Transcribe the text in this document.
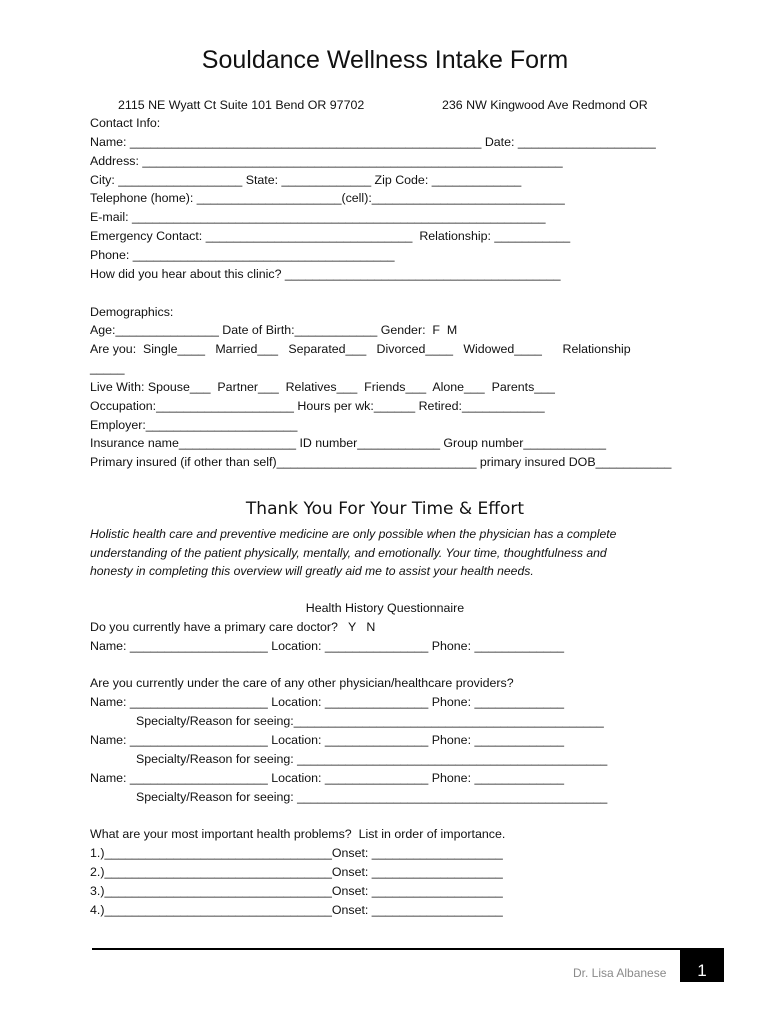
Souldance Wellness Intake Form
2115 NE Wyatt Ct Suite 101 Bend OR 97702	236 NW Kingwood Ave Redmond OR
Contact Info:
Name: ___________________________________________________ Date: ____________________
Address: _____________________________________________________________
City: __________________ State: _____________ Zip Code: _____________
Telephone (home): _____________________(cell):____________________________
E-mail: ____________________________________________________________
Emergency Contact: ______________________________  Relationship: ___________
Phone: ______________________________________
How did you hear about this clinic? ________________________________________
Demographics:
Age:_______________ Date of Birth:____________ Gender:  F  M
Are you:  Single____   Married___   Separated___   Divorced____   Widowed____      Relationship
_____
Live With: Spouse___  Partner___  Relatives___  Friends___  Alone___  Parents___
Occupation:____________________ Hours per wk:______ Retired:____________
Employer:______________________
Insurance name_________________ ID number____________ Group number____________
Primary insured (if other than self)_____________________________ primary insured DOB___________
Thank You For Your Time & Effort
Holistic health care and preventive medicine are only possible when the physician has a complete
understanding of the patient physically, mentally, and emotionally. Your time, thoughtfulness and
honesty in completing this overview will greatly aid me to assist your health needs.
Health History Questionnaire
Do you currently have a primary care doctor?   Y   N
Name: ____________________ Location: _______________ Phone: _____________
Are you currently under the care of any other physician/healthcare providers?
Name: ____________________ Location: _______________ Phone: _____________
Specialty/Reason for seeing:_____________________________________________
Name: ____________________ Location: _______________ Phone: _____________
Specialty/Reason for seeing: _____________________________________________
Name: ____________________ Location: _______________ Phone: _____________
Specialty/Reason for seeing: _____________________________________________
What are your most important health problems?  List in order of importance.
1.)_________________________________Onset: ___________________
2.)_________________________________Onset: ___________________
3.)_________________________________Onset: ___________________
4.)_________________________________Onset: ___________________
Dr. Lisa Albanese	1
